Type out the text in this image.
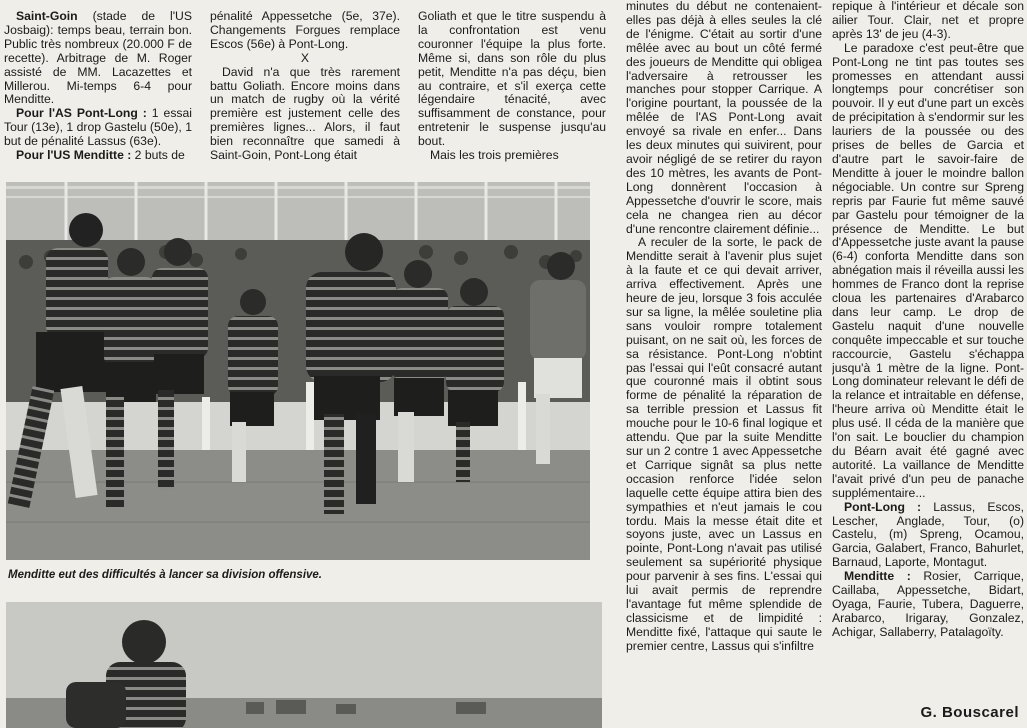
Saint-Goin (stade de l'US Josbaig): temps beau, terrain bon. Public très nombreux (20.000 F de recette). Arbitrage de M. Roger assisté de MM. Lacazettes et Millerou. Mi-temps 6-4 pour Menditte.

Pour l'AS Pont-Long : 1 essai Tour (13e), 1 drop Gastelu (50e), 1 but de pénalité Lassus (63e).

Pour l'US Menditte : 2 buts de

pénalité Appessetche (5e, 37e). Changements Forgues remplace Escos (56e) à Pont-Long.

X

David n'a que très rarement battu Goliath. Encore moins dans un match de rugby où la vérité première est justement celle des premières lignes... Alors, il faut bien reconnaître que samedi à Saint-Goin, Pont-Long était

Goliath et que le titre suspendu à la confrontation est venu couronner l'équipe la plus forte. Même si, dans son rôle du plus petit, Menditte n'a pas déçu, bien au contraire, et s'il exerça cette légendaire ténacité, avec suffisamment de constance, pour entretenir le suspense jusqu'au bout.

Mais les trois premières

Menditte eut des difficultés à lancer sa division offensive.

minutes du début ne contenaient-elles pas déjà à elles seules la clé de l'énigme. C'était au sortir d'une mêlée avec au bout un côté fermé des joueurs de Menditte qui obligea l'adversaire à retrousser les manches pour stopper Carrique. A l'origine pourtant, la poussée de la mêlée de l'AS Pont-Long avait envoyé sa rivale en enfer... Dans les deux minutes qui suivirent, pour avoir négligé de se retirer du rayon des 10 mètres, les avants de Pont-Long donnèrent l'occasion à Appessetche d'ouvrir le score, mais cela ne changea rien au décor d'une rencontre clairement définie...

A reculer de la sorte, le pack de Menditte serait à l'avenir plus sujet à la faute et ce qui devait arriver, arriva effectivement. Après une heure de jeu, lorsque 3 fois acculée sur sa ligne, la mêlée souletine plia sans vouloir rompre totalement puisant, on ne sait où, les forces de sa résistance. Pont-Long n'obtint pas l'essai qui l'eût consacré autant que couronné mais il obtint sous forme de pénalité la réparation de sa terrible pression et Lassus fit mouche pour le 10-6 final logique et attendu. Que par la suite Menditte sur un 2 contre 1 avec Appessetche et Carrique signât sa plus nette occasion renforce l'idée selon laquelle cette équipe attira bien des sympathies et n'eut jamais le cou tordu. Mais la messe était dite et soyons juste, avec un Lassus en pointe, Pont-Long n'avait pas utilisé seulement sa supériorité physique pour parvenir à ses fins. L'essai qui lui avait permis de reprendre l'avantage fut même splendide de classicisme et de limpidité : Menditte fixé, l'attaque qui saute le premier centre, Lassus qui s'infiltre

repique à l'intérieur et décale son ailier Tour. Clair, net et propre après 13' de jeu (4-3).

Le paradoxe c'est peut-être que Pont-Long ne tint pas toutes ses promesses en attendant aussi longtemps pour concrétiser son pouvoir. Il y eut d'une part un excès de précipitation à s'endormir sur les lauriers de la poussée ou des prises de belles de Garcia et d'autre part le savoir-faire de Menditte à jouer le moindre ballon négociable. Un contre sur Spreng repris par Faurie fut même sauvé par Gastelu pour témoigner de la présence de Menditte. Le but d'Appessetche juste avant la pause (6-4) conforta Menditte dans son abnégation mais il réveilla aussi les hommes de Franco dont la reprise cloua les partenaires d'Arabarco dans leur camp. Le drop de Gastelu naquit d'une nouvelle conquête impeccable et sur touche raccourcie, Gastelu s'échappa jusqu'à 1 mètre de la ligne. Pont-Long dominateur relevant le défi de la relance et intraitable en défense, l'heure arriva où Menditte était le plus usé. Il céda de la manière que l'on sait. Le bouclier du champion du Béarn avait été gagné avec autorité. La vaillance de Menditte l'avait privé d'un peu de panache supplémentaire...

Pont-Long : Lassus, Escos, Lescher, Anglade, Tour, (o) Castelu, (m) Spreng, Ocamou, Garcia, Galabert, Franco, Bahurlet, Barnaud, Laporte, Montagut.

Menditte : Rosier, Carrique, Caillaba, Appessetche, Bidart, Oyaga, Faurie, Tubera, Daguerre, Arabarco, Irigaray, Gonzalez, Achigar, Sallaberry, Patalagoïty.

G. Bouscarel
